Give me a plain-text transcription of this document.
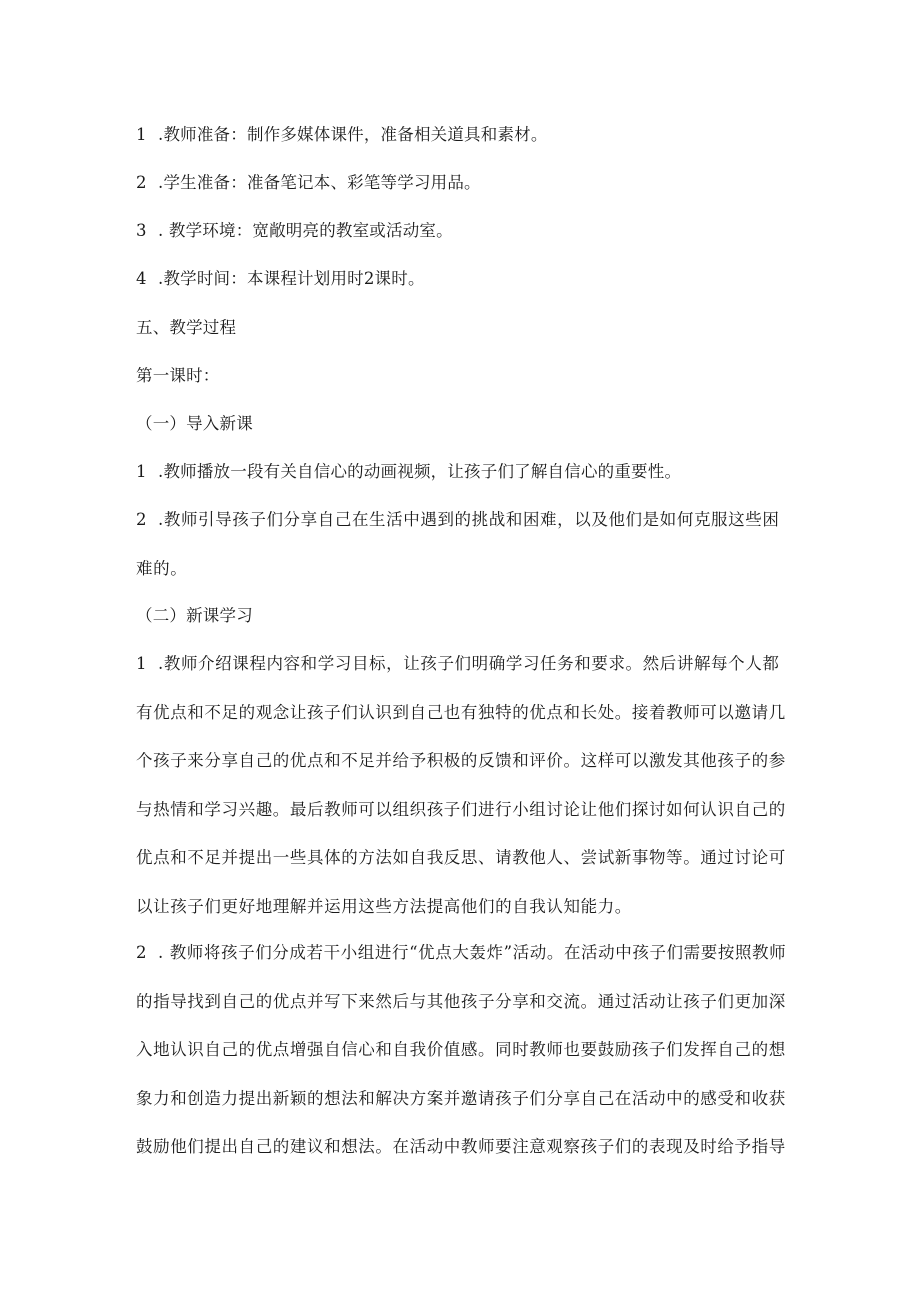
1 .教师准备：制作多媒体课件，准备相关道具和素材。
2 .学生准备：准备笔记本、彩笔等学习用品。
3 . 教学环境：宽敞明亮的教室或活动室。
4 .教学时间：本课程计划用时2课时。
五、教学过程
第一课时：
（一）导入新课
1 .教师播放一段有关自信心的动画视频，让孩子们了解自信心的重要性。
2 .教师引导孩子们分享自己在生活中遇到的挑战和困难，以及他们是如何克服这些困难的。
（二）新课学习
1 .教师介绍课程内容和学习目标，让孩子们明确学习任务和要求。然后讲解每个人都有优点和不足的观念让孩子们认识到自己也有独特的优点和长处。接着教师可以邀请几个孩子来分享自己的优点和不足并给予积极的反馈和评价。这样可以激发其他孩子的参与热情和学习兴趣。最后教师可以组织孩子们进行小组讨论让他们探讨如何认识自己的优点和不足并提出一些具体的方法如自我反思、请教他人、尝试新事物等。通过讨论可以让孩子们更好地理解并运用这些方法提高他们的自我认知能力。
2 . 教师将孩子们分成若干小组进行“优点大轰炸”活动。在活动中孩子们需要按照教师的指导找到自己的优点并写下来然后与其他孩子分享和交流。通过活动让孩子们更加深入地认识自己的优点增强自信心和自我价值感。同时教师也要鼓励孩子们发挥自己的想象力和创造力提出新颖的想法和解决方案并邀请孩子们分享自己在活动中的感受和收获鼓励他们提出自己的建议和想法。在活动中教师要注意观察孩子们的表现及时给予指导
